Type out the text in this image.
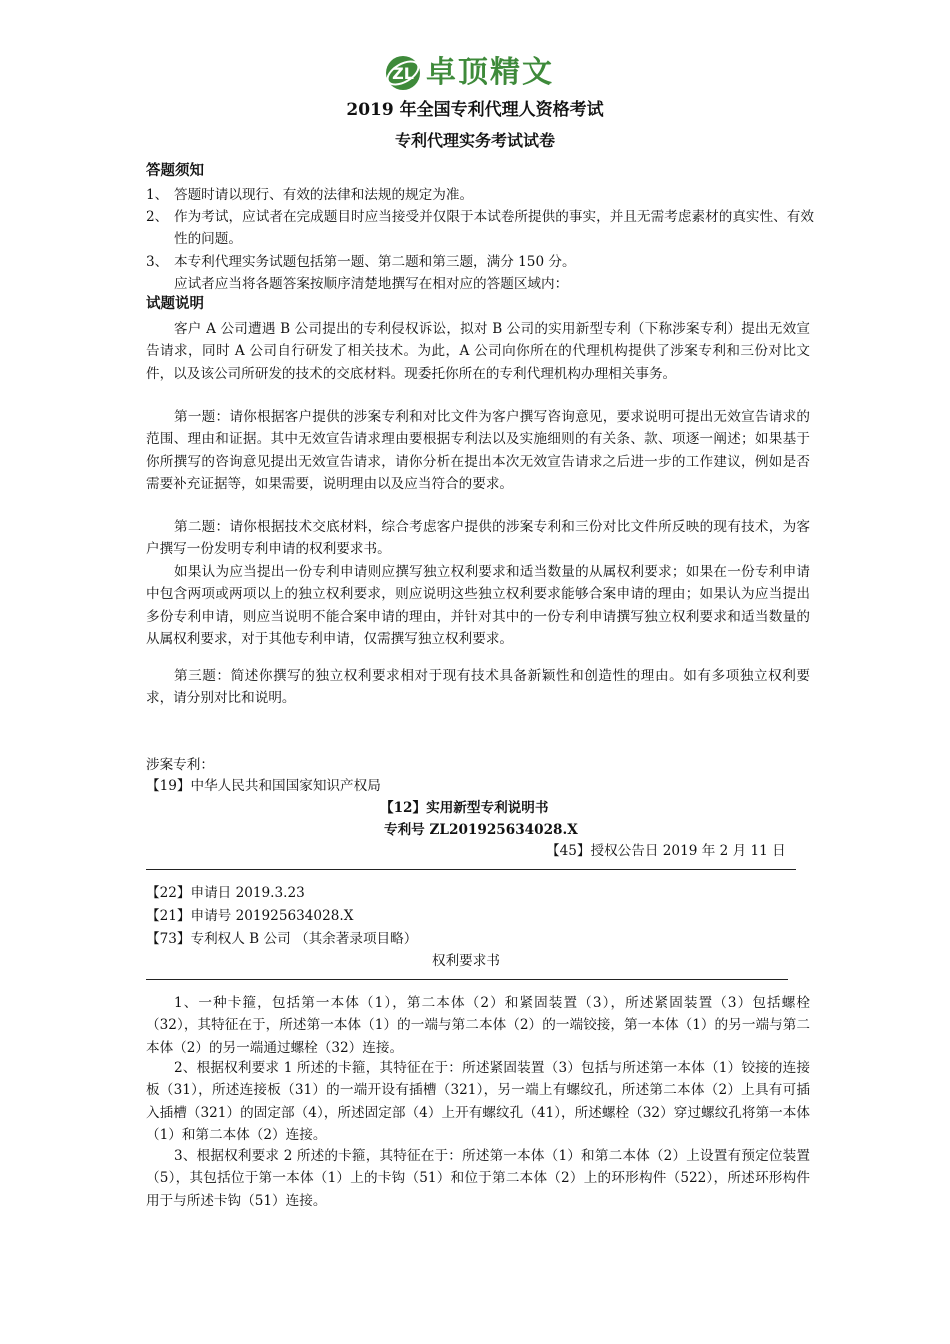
ZL 卓顶精文
2019 年全国专利代理人资格考试
专利代理实务考试试卷
答题须知
1、 答题时请以现行、有效的法律和法规的规定为准。
2、 作为考试，应试者在完成题目时应当接受并仅限于本试卷所提供的事实，并且无需考虑素材的真实性、有效性的问题。
3、 本专利代理实务试题包括第一题、第二题和第三题，满分 150 分。
应试者应当将各题答案按顺序清楚地撰写在相对应的答题区域内：
试题说明
客户 A 公司遭遇 B 公司提出的专利侵权诉讼，拟对 B 公司的实用新型专利（下称涉案专利）提出无效宣告请求，同时 A 公司自行研发了相关技术。为此，A 公司向你所在的代理机构提供了涉案专利和三份对比文件，以及该公司所研发的技术的交底材料。现委托你所在的专利代理机构办理相关事务。
第一题：请你根据客户提供的涉案专利和对比文件为客户撰写咨询意见，要求说明可提出无效宣告请求的范围、理由和证据。其中无效宣告请求理由要根据专利法以及实施细则的有关条、款、项逐一阐述；如果基于你所撰写的咨询意见提出无效宣告请求，请你分析在提出本次无效宣告请求之后进一步的工作建议，例如是否需要补充证据等，如果需要，说明理由以及应当符合的要求。
第二题：请你根据技术交底材料，综合考虑客户提供的涉案专利和三份对比文件所反映的现有技术，为客户撰写一份发明专利申请的权利要求书。
如果认为应当提出一份专利申请则应撰写独立权利要求和适当数量的从属权利要求；如果在一份专利申请中包含两项或两项以上的独立权利要求，则应说明这些独立权利要求能够合案申请的理由；如果认为应当提出多份专利申请，则应当说明不能合案申请的理由，并针对其中的一份专利申请撰写独立权利要求和适当数量的从属权利要求，对于其他专利申请，仅需撰写独立权利要求。
第三题：简述你撰写的独立权利要求相对于现有技术具备新颖性和创造性的理由。如有多项独立权利要求，请分别对比和说明。
涉案专利：
【19】中华人民共和国国家知识产权局
【12】实用新型专利说明书
专利号 ZL201925634028.X
【45】授权公告日 2019 年 2 月 11 日
【22】申请日 2019.3.23
【21】申请号 201925634028.X
【73】专利权人 B 公司 （其余著录项目略）
权利要求书
1、一种卡箍，包括第一本体（1），第二本体（2）和紧固装置（3），所述紧固装置（3）包括螺栓（32），其特征在于，所述第一本体（1）的一端与第二本体（2）的一端铰接，第一本体（1）的另一端与第二本体（2）的另一端通过螺栓（32）连接。
2、根据权利要求 1 所述的卡箍，其特征在于：所述紧固装置（3）包括与所述第一本体（1）铰接的连接板（31），所述连接板（31）的一端开设有插槽（321），另一端上有螺纹孔，所述第二本体（2）上具有可插入插槽（321）的固定部（4），所述固定部（4）上开有螺纹孔（41），所述螺栓（32）穿过螺纹孔将第一本体（1）和第二本体（2）连接。
3、根据权利要求 2 所述的卡箍，其特征在于：所述第一本体（1）和第二本体（2）上设置有预定位装置（5），其包括位于第一本体（1）上的卡钩（51）和位于第二本体（2）上的环形构件（522），所述环形构件用于与所述卡钩（51）连接。
